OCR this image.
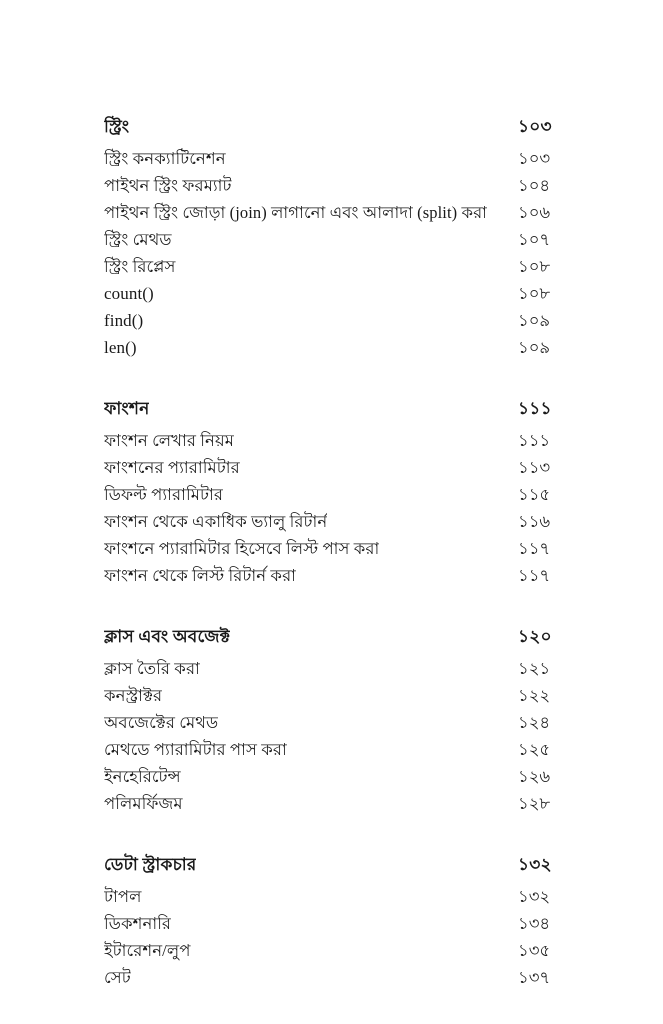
স্ট্রিং	১০৩
স্ট্রিং কনক্যাটিনেশন	১০৩
পাইথন স্ট্রিং ফরম্যাট	১০৪
পাইথন স্ট্রিং জোড়া (join) লাগানো এবং আলাদা (split) করা	১০৬
স্ট্রিং মেথড	১০৭
স্ট্রিং রিপ্লেস	১০৮
count()	১০৮
find()	১০৯
len()	১০৯
ফাংশন	১১১
ফাংশন লেখার নিয়ম	১১১
ফাংশনের প্যারামিটার	১১৩
ডিফল্ট প্যারামিটার	১১৫
ফাংশন থেকে একাধিক ভ্যালু রিটার্ন	১১৬
ফাংশনে প্যারামিটার হিসেবে লিস্ট পাস করা	১১৭
ফাংশন থেকে লিস্ট রিটার্ন করা	১১৭
ক্লাস এবং অবজেক্ট	১২০
ক্লাস তৈরি করা	১২১
কনস্ট্রাক্টর	১২২
অবজেক্টের মেথড	১২৪
মেথডে প্যারামিটার পাস করা	১২৫
ইনহেরিটেন্স	১২৬
পলিমর্ফিজম	১২৮
ডেটা স্ট্রাকচার	১৩২
টাপল	১৩২
ডিকশনারি	১৩৪
ইটারেশন/লুপ	১৩৫
সেট	১৩৭
